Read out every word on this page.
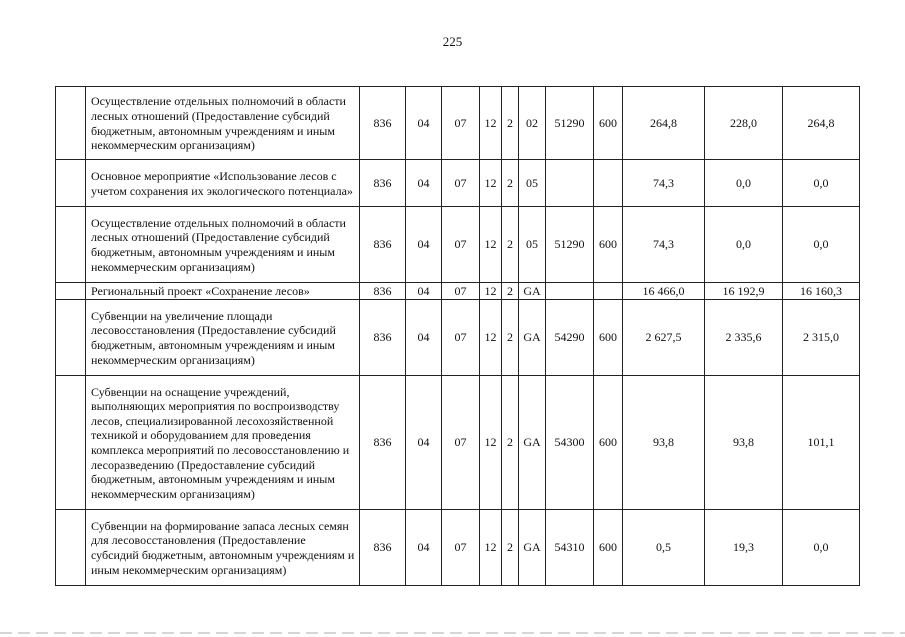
225
	Осуществление отдельных полномочий в области лесных отношений (Предоставление субсидий бюджетным, автономным учреждениям и иным некоммерческим организациям)	836	04	07	12	2	02	51290	600	264,8	228,0	264,8
	Основное мероприятие «Использование лесов с учетом сохранения их экологического потенциала»	836	04	07	12	2	05			74,3	0,0	0,0
	Осуществление отдельных полномочий в области лесных отношений (Предоставление субсидий бюджетным, автономным учреждениям и иным некоммерческим организациям)	836	04	07	12	2	05	51290	600	74,3	0,0	0,0
	Региональный проект «Сохранение лесов»	836	04	07	12	2	GA			16 466,0	16 192,9	16 160,3
	Субвенции на увеличение площади лесовосстановления (Предоставление субсидий бюджетным, автономным учреждениям и иным некоммерческим организациям)	836	04	07	12	2	GA	54290	600	2 627,5	2 335,6	2 315,0
	Субвенции на оснащение учреждений, выполняющих мероприятия по воспроизводству лесов, специализированной лесохозяйственной техникой и оборудованием для проведения комплекса мероприятий по лесовосстановлению и лесоразведению (Предоставление субсидий бюджетным, автономным учреждениям и иным некоммерческим организациям)	836	04	07	12	2	GA	54300	600	93,8	93,8	101,1
	Субвенции на формирование запаса лесных семян для лесовосстановления (Предоставление субсидий бюджетным, автономным учреждениям и иным некоммерческим организациям)	836	04	07	12	2	GA	54310	600	0,5	19,3	0,0
